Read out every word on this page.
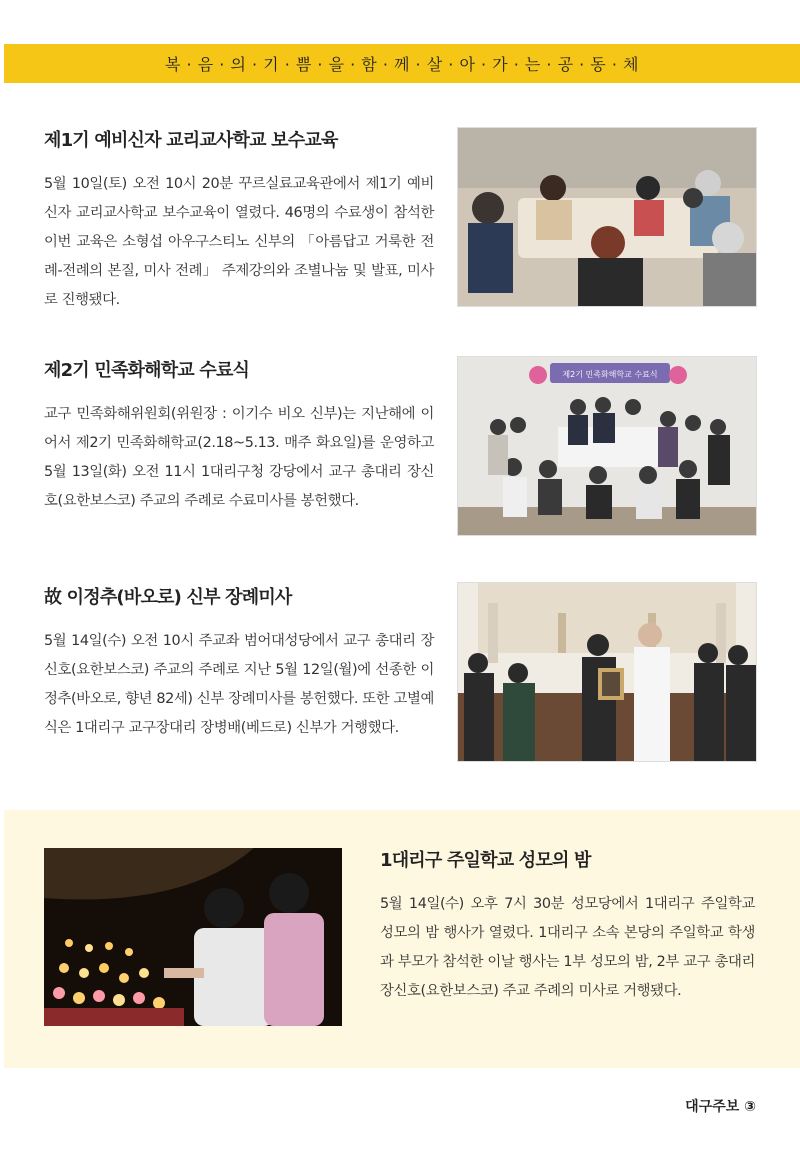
복 · 음 · 의 · 기 · 쁨 · 을 · 함 · 께 · 살 · 아 · 가 · 는 · 공 · 동 · 체
제1기 예비신자 교리교사학교 보수교육

5월 10일(토) 오전 10시 20분 꾸르실료교육관에서 제1기 예비신자 교리교사학교 보수교육이 열렸다. 46명의 수료생이 참석한 이번 교육은 소형섭 아우구스티노 신부의 「아름답고 거룩한 전례-전례의 본질, 미사 전례」 주제강의와 조별나눔 및 발표, 미사로 진행됐다.

제2기 민족화해학교 수료식

교구 민족화해위원회(위원장 : 이기수 비오 신부)는 지난해에 이어서 제2기 민족화해학교(2.18~5.13. 매주 화요일)를 운영하고 5월 13일(화) 오전 11시 1대리구청 강당에서 교구 총대리 장신호(요한보스코) 주교의 주례로 수료미사를 봉헌했다.

제2기 민족화해학교 수료식
故 이정추(바오로) 신부 장례미사

5월 14일(수) 오전 10시 주교좌 범어대성당에서 교구 총대리 장신호(요한보스코) 주교의 주례로 지난 5월 12일(월)에 선종한 이정추(바오로, 향년 82세) 신부 장례미사를 봉헌했다. 또한 고별예식은 1대리구 교구장대리 장병배(베드로) 신부가 거행했다.

1대리구 주일학교 성모의 밤

5월 14일(수) 오후 7시 30분 성모당에서 1대리구 주일학교 성모의 밤 행사가 열렸다. 1대리구 소속 본당의 주일학교 학생과 부모가 참석한 이날 행사는 1부 성모의 밤, 2부 교구 총대리 장신호(요한보스코) 주교 주례의 미사로 거행됐다.

대구주보 ③
